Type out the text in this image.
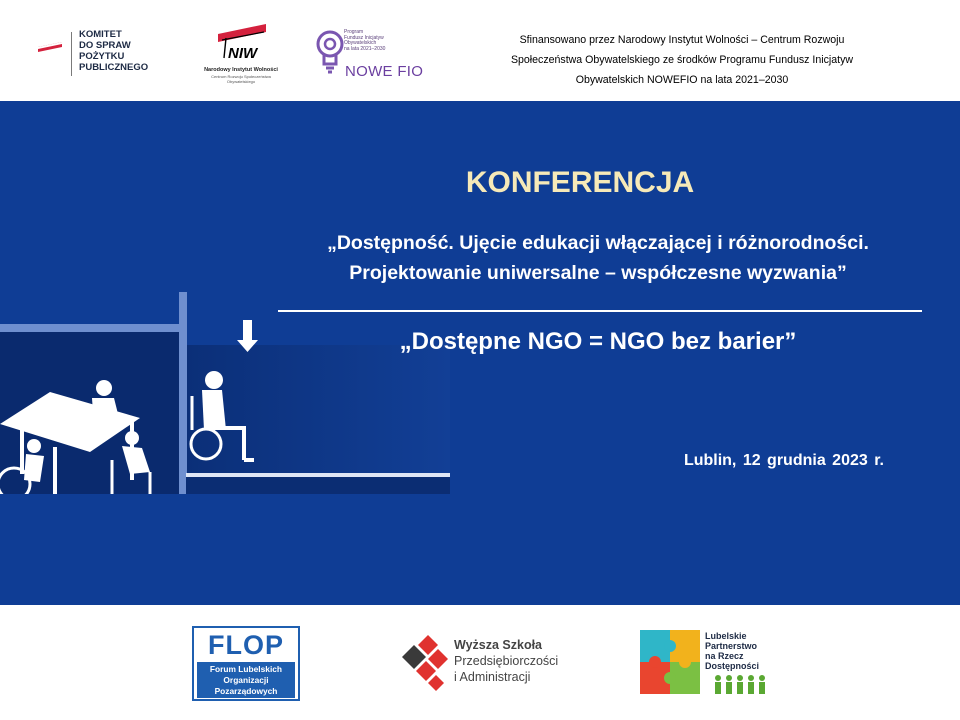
KOMITET
DO SPRAW
POŻYTKU
PUBLICZNEGO
NIW
Narodowy Instytut Wolności
Centrum Rozwoju Społeczeństwa Obywatelskiego
Program
Fundusz Inicjatyw
Obywatelskich
na lata 2021–2030
NOWE FIO
Sfinansowano przez Narodowy Instytut Wolności – Centrum Rozwoju
Społeczeństwa Obywatelskiego ze środków Programu Fundusz Inicjatyw
Obywatelskich NOWEFIO na lata 2021–2030
KONFERENCJA
„Dostępność. Ujęcie edukacji włączającej i różnorodności.
Projektowanie uniwersalne – współczesne wyzwania”
„Dostępne NGO = NGO bez barier”
Lublin, 12 grudnia 2023 r.
FLOP
Forum Lubelskich
Organizacji
Pozarządowych
Wyższa Szkoła
Przedsiębiorczości
i Administracji
Lubelskie
Partnerstwo
na Rzecz
Dostępności
